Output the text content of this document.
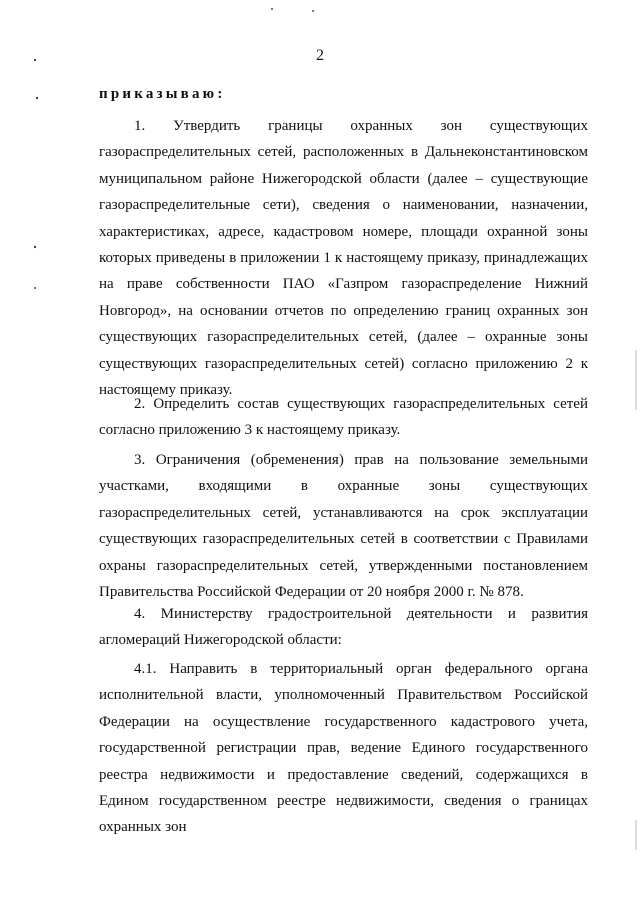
2
приказываю:

1. Утвердить границы охранных зон существующих газораспределительных сетей, расположенных в Дальнеконстантиновском муниципальном районе Нижегородской области (далее – существующие газораспределительные сети), сведения о наименовании, назначении, характеристиках, адресе, кадастровом номере, площади охранной зоны которых приведены в приложении 1 к настоящему приказу, принадлежащих на праве собственности ПАО «Газпром газораспределение Нижний Новгород», на основании отчетов по определению границ охранных зон существующих газораспределительных сетей, (далее – охранные зоны существующих газораспределительных сетей) согласно приложению 2 к настоящему приказу.

2. Определить состав существующих газораспределительных сетей согласно приложению 3 к настоящему приказу.

3. Ограничения (обременения) прав на пользование земельными участками, входящими в охранные зоны существующих газораспределительных сетей, устанавливаются на срок эксплуатации существующих газораспределительных сетей в соответствии с Правилами охраны газораспределительных сетей, утвержденными постановлением Правительства Российской Федерации от 20 ноября 2000 г. № 878.

4. Министерству градостроительной деятельности и развития агломераций Нижегородской области:

4.1. Направить в территориальный орган федерального органа исполнительной власти, уполномоченный Правительством Российской Федерации на осуществление государственного кадастрового учета, государственной регистрации прав, ведение Единого государственного реестра недвижимости и предоставление сведений, содержащихся в Едином государственном реестре недвижимости, сведения о границах охранных зон
